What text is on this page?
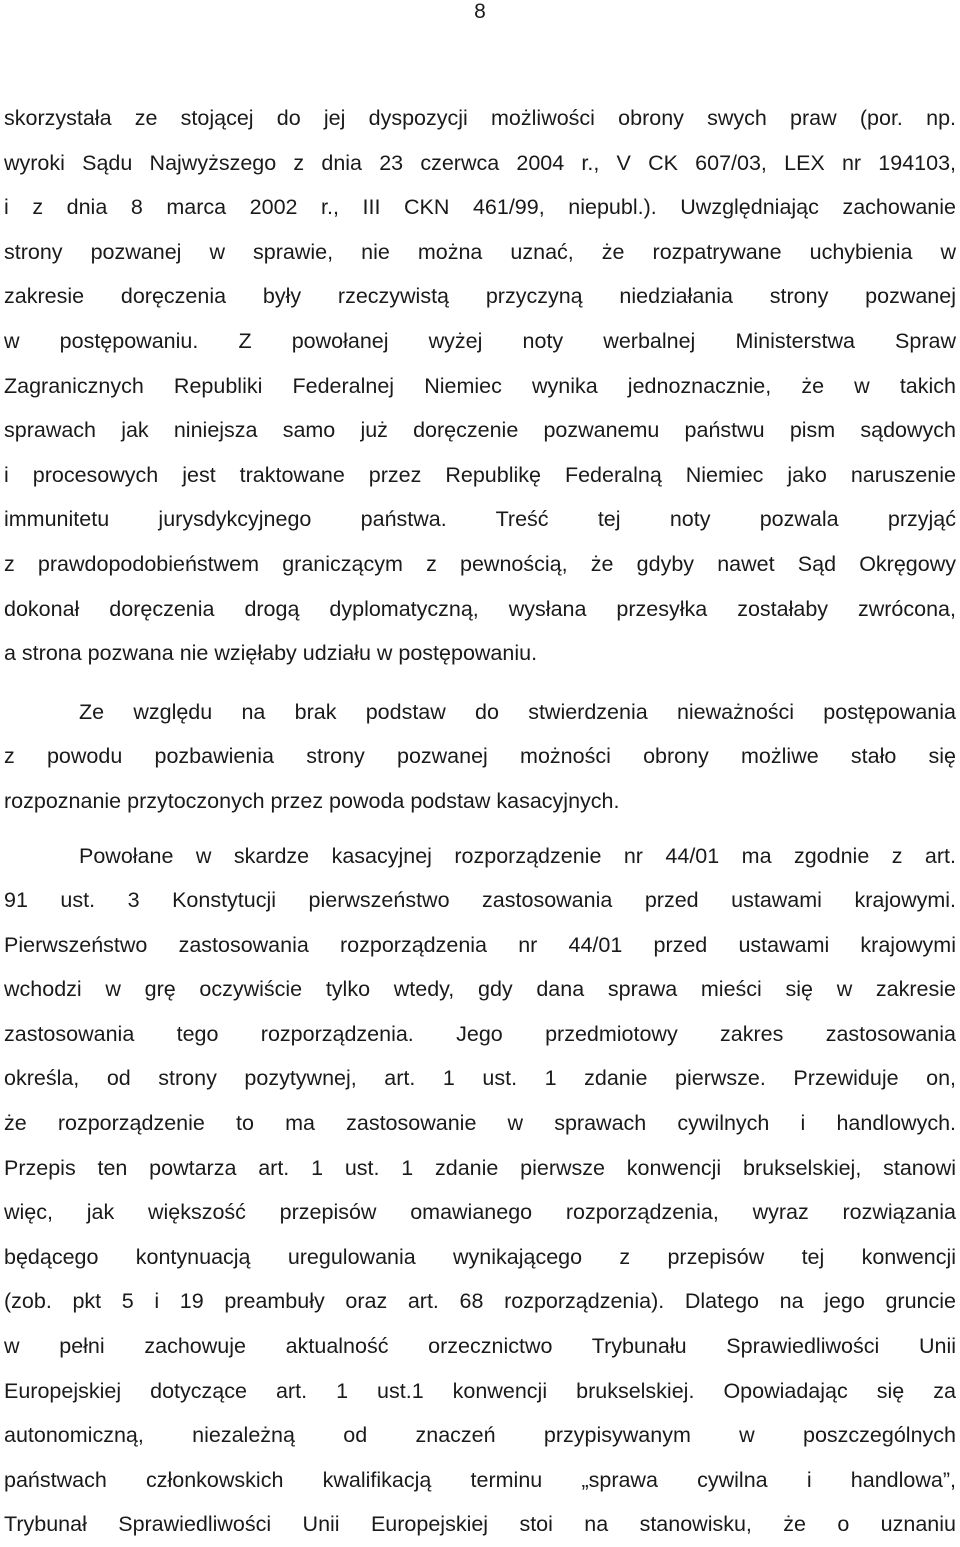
8
skorzystała ze stojącej do jej dyspozycji możliwości obrony swych praw (por. np.
wyroki Sądu Najwyższego z dnia 23 czerwca 2004 r., V CK 607/03, LEX nr 194103,
i z dnia 8 marca 2002 r., III CKN 461/99, niepubl.). Uwzględniając zachowanie
strony pozwanej w sprawie, nie można uznać, że rozpatrywane uchybienia w
zakresie doręczenia były rzeczywistą przyczyną niedziałania strony pozwanej
w postępowaniu. Z powołanej wyżej noty werbalnej Ministerstwa Spraw
Zagranicznych Republiki Federalnej Niemiec wynika jednoznacznie, że w takich
sprawach jak niniejsza samo już doręczenie pozwanemu państwu pism sądowych
i procesowych jest traktowane przez Republikę Federalną Niemiec jako naruszenie
immunitetu jurysdykcyjnego państwa. Treść tej noty pozwala przyjąć
z prawdopodobieństwem graniczącym z pewnością, że gdyby nawet Sąd Okręgowy
dokonał doręczenia drogą dyplomatyczną, wysłana przesyłka zostałaby zwrócona,
a strona pozwana nie wzięłaby udziału w postępowaniu.
Ze względu na brak podstaw do stwierdzenia nieważności postępowania
z powodu pozbawienia strony pozwanej możności obrony możliwe stało się
rozpoznanie przytoczonych przez powoda podstaw kasacyjnych.
Powołane w skardze kasacyjnej rozporządzenie nr 44/01 ma zgodnie z art.
91 ust. 3 Konstytucji pierwszeństwo zastosowania przed ustawami krajowymi.
Pierwszeństwo zastosowania rozporządzenia nr 44/01 przed ustawami krajowymi
wchodzi w grę oczywiście tylko wtedy, gdy dana sprawa mieści się w zakresie
zastosowania tego rozporządzenia. Jego przedmiotowy zakres zastosowania
określa, od strony pozytywnej, art. 1 ust. 1 zdanie pierwsze. Przewiduje on,
że rozporządzenie to ma zastosowanie w sprawach cywilnych i handlowych.
Przepis ten powtarza art. 1 ust. 1 zdanie pierwsze konwencji brukselskiej, stanowi
więc, jak większość przepisów omawianego rozporządzenia, wyraz rozwiązania
będącego kontynuacją uregulowania wynikającego z przepisów tej konwencji
(zob. pkt 5 i 19 preambuły oraz art. 68 rozporządzenia). Dlatego na jego gruncie
w pełni zachowuje aktualność orzecznictwo Trybunału Sprawiedliwości Unii
Europejskiej dotyczące art. 1 ust.1 konwencji brukselskiej. Opowiadając się za
autonomiczną, niezależną od znaczeń przypisywanym w poszczególnych
państwach członkowskich kwalifikacją terminu „sprawa cywilna i handlowa”,
Trybunał Sprawiedliwości Unii Europejskiej stoi na stanowisku, że o uznaniu
